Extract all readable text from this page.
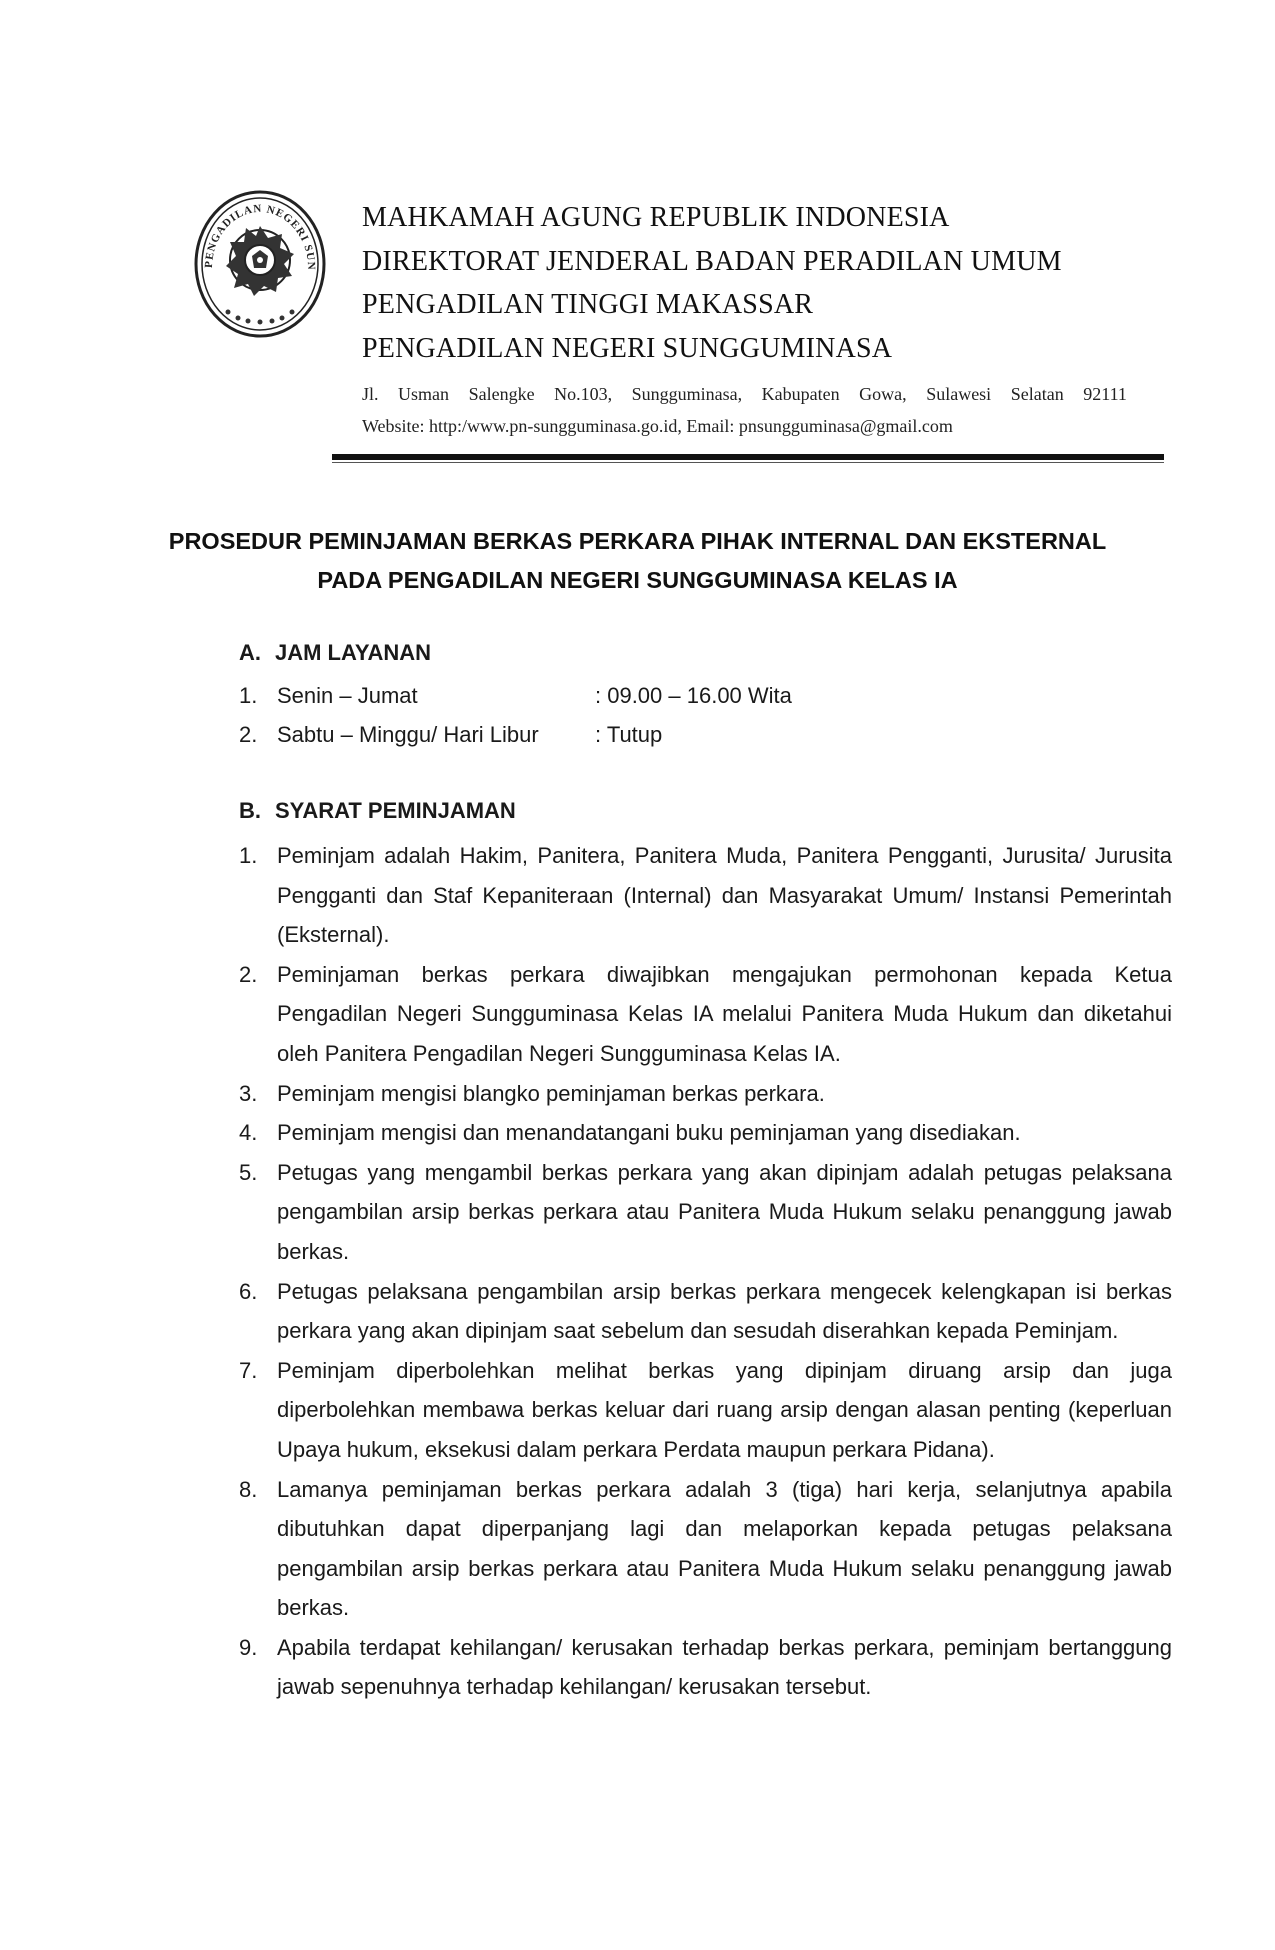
PENGADILAN NEGERI SUN
MAHKAMAH AGUNG REPUBLIK INDONESIA
DIREKTORAT JENDERAL BADAN PERADILAN UMUM
PENGADILAN TINGGI MAKASSAR
PENGADILAN NEGERI SUNGGUMINASA
Jl. Usman Salengke No.103, Sungguminasa, Kabupaten Gowa, Sulawesi Selatan 92111
Website: http:/www.pn-sungguminasa.go.id, Email: pnsungguminasa@gmail.com
PROSEDUR PEMINJAMAN BERKAS PERKARA PIHAK INTERNAL DAN EKSTERNAL
PADA PENGADILAN NEGERI SUNGGUMINASA KELAS IA
A. JAM LAYANAN
1. Senin – Jumat	: 09.00 – 16.00 Wita
2. Sabtu – Minggu/ Hari Libur	: Tutup
B. SYARAT PEMINJAMAN
1. Peminjam adalah Hakim, Panitera, Panitera Muda, Panitera Pengganti, Jurusita/ Jurusita Pengganti dan Staf Kepaniteraan (Internal) dan Masyarakat Umum/ Instansi Pemerintah (Eksternal).
2. Peminjaman berkas perkara diwajibkan mengajukan permohonan kepada Ketua Pengadilan Negeri Sungguminasa Kelas IA melalui Panitera Muda Hukum dan diketahui oleh Panitera Pengadilan Negeri Sungguminasa Kelas IA.
3. Peminjam mengisi blangko peminjaman berkas perkara.
4. Peminjam mengisi dan menandatangani buku peminjaman yang disediakan.
5. Petugas yang mengambil berkas perkara yang akan dipinjam adalah petugas pelaksana pengambilan arsip berkas perkara atau Panitera Muda Hukum selaku penanggung jawab berkas.
6. Petugas pelaksana pengambilan arsip berkas perkara mengecek kelengkapan isi berkas perkara yang akan dipinjam saat sebelum dan sesudah diserahkan kepada Peminjam.
7. Peminjam diperbolehkan melihat berkas yang dipinjam diruang arsip dan juga diperbolehkan membawa berkas keluar dari ruang arsip dengan alasan penting (keperluan Upaya hukum, eksekusi dalam perkara Perdata maupun perkara Pidana).
8. Lamanya peminjaman berkas perkara adalah 3 (tiga) hari kerja, selanjutnya apabila dibutuhkan dapat diperpanjang lagi dan melaporkan kepada petugas pelaksana pengambilan arsip berkas perkara atau Panitera Muda Hukum selaku penanggung jawab berkas.
9. Apabila terdapat kehilangan/ kerusakan terhadap berkas perkara, peminjam bertanggung jawab sepenuhnya terhadap kehilangan/ kerusakan tersebut.
